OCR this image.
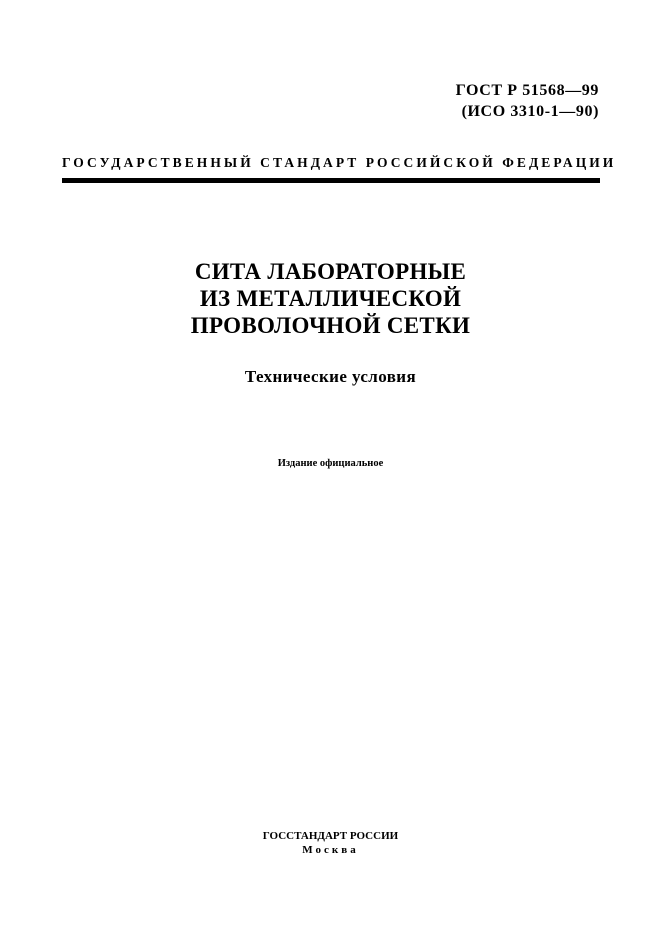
ГОСТ Р 51568—99
(ИСО 3310-1—90)
ГОСУДАРСТВЕННЫЙ СТАНДАРТ РОССИЙСКОЙ ФЕДЕРАЦИИ
СИТА ЛАБОРАТОРНЫЕ
ИЗ МЕТАЛЛИЧЕСКОЙ
ПРОВОЛОЧНОЙ СЕТКИ
Технические условия
Издание официальное
ГОССТАНДАРТ РОССИИ
Москва
